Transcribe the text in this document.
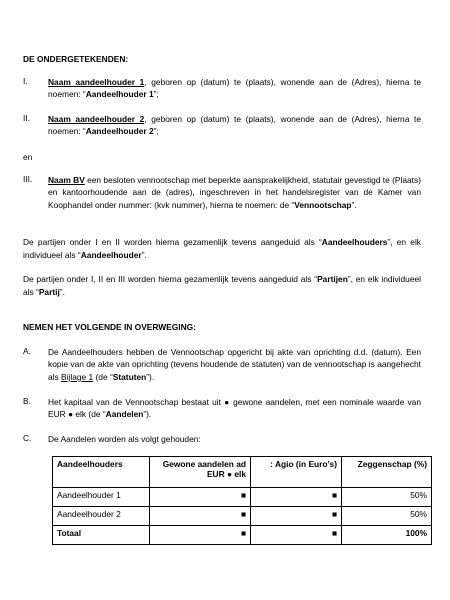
DE ONDERGETEKENDEN:
I. Naam aandeelhouder 1, geboren op (datum) te (plaats), wonende aan de (Adres), hierna te noemen: “Aandeelhouder 1”;
II. Naam aandeelhouder 2, geboren op (datum) te (plaats), wonende aan de (Adres), hierna te noemen: “Aandeelhouder 2”;
en
III. Naam BV een besloten vennootschap met beperkte aansprakelijkheid, statutair gevestigd te (Plaats) en kantoorhoudende aan de (adres), ingeschreven in het handelsregister van de Kamer van Koophandel onder nummer: (kvk nummer), hierna te noemen: de “Vennootschap”.
De partijen onder I en II worden hierna gezamenlijk tevens aangeduid als “Aandeelhouders”, en elk individueel als “Aandeelhouder”.
De partijen onder I, II en III worden hierna gezamenlijk tevens aangeduid als “Partijen”, en elk individueel als “Partij”.
NEMEN HET VOLGENDE IN OVERWEGING:
A. De Aandeelhouders hebben de Vennootschap opgericht bij akte van oprichting d.d. (datum). Een kopie van de akte van oprichting (tevens houdende de statuten) van de vennootschap is aangehecht als Bijlage 1 (de “Statuten”).
B. Het kapitaal van de Vennootschap bestaat uit ● gewone aandelen, met een nominale waarde van EUR ● elk (de “Aandelen”).
C. De Aandelen worden als volgt gehouden:
Aandeelhouders	Gewone aandelen ad EUR ● elk	: Agio (in Euro’s)	Zeggenschap (%)
Aandeelhouder 1	■	■	50%
Aandeelhouder 2	■	■	50%
Totaal	■	■	100%
